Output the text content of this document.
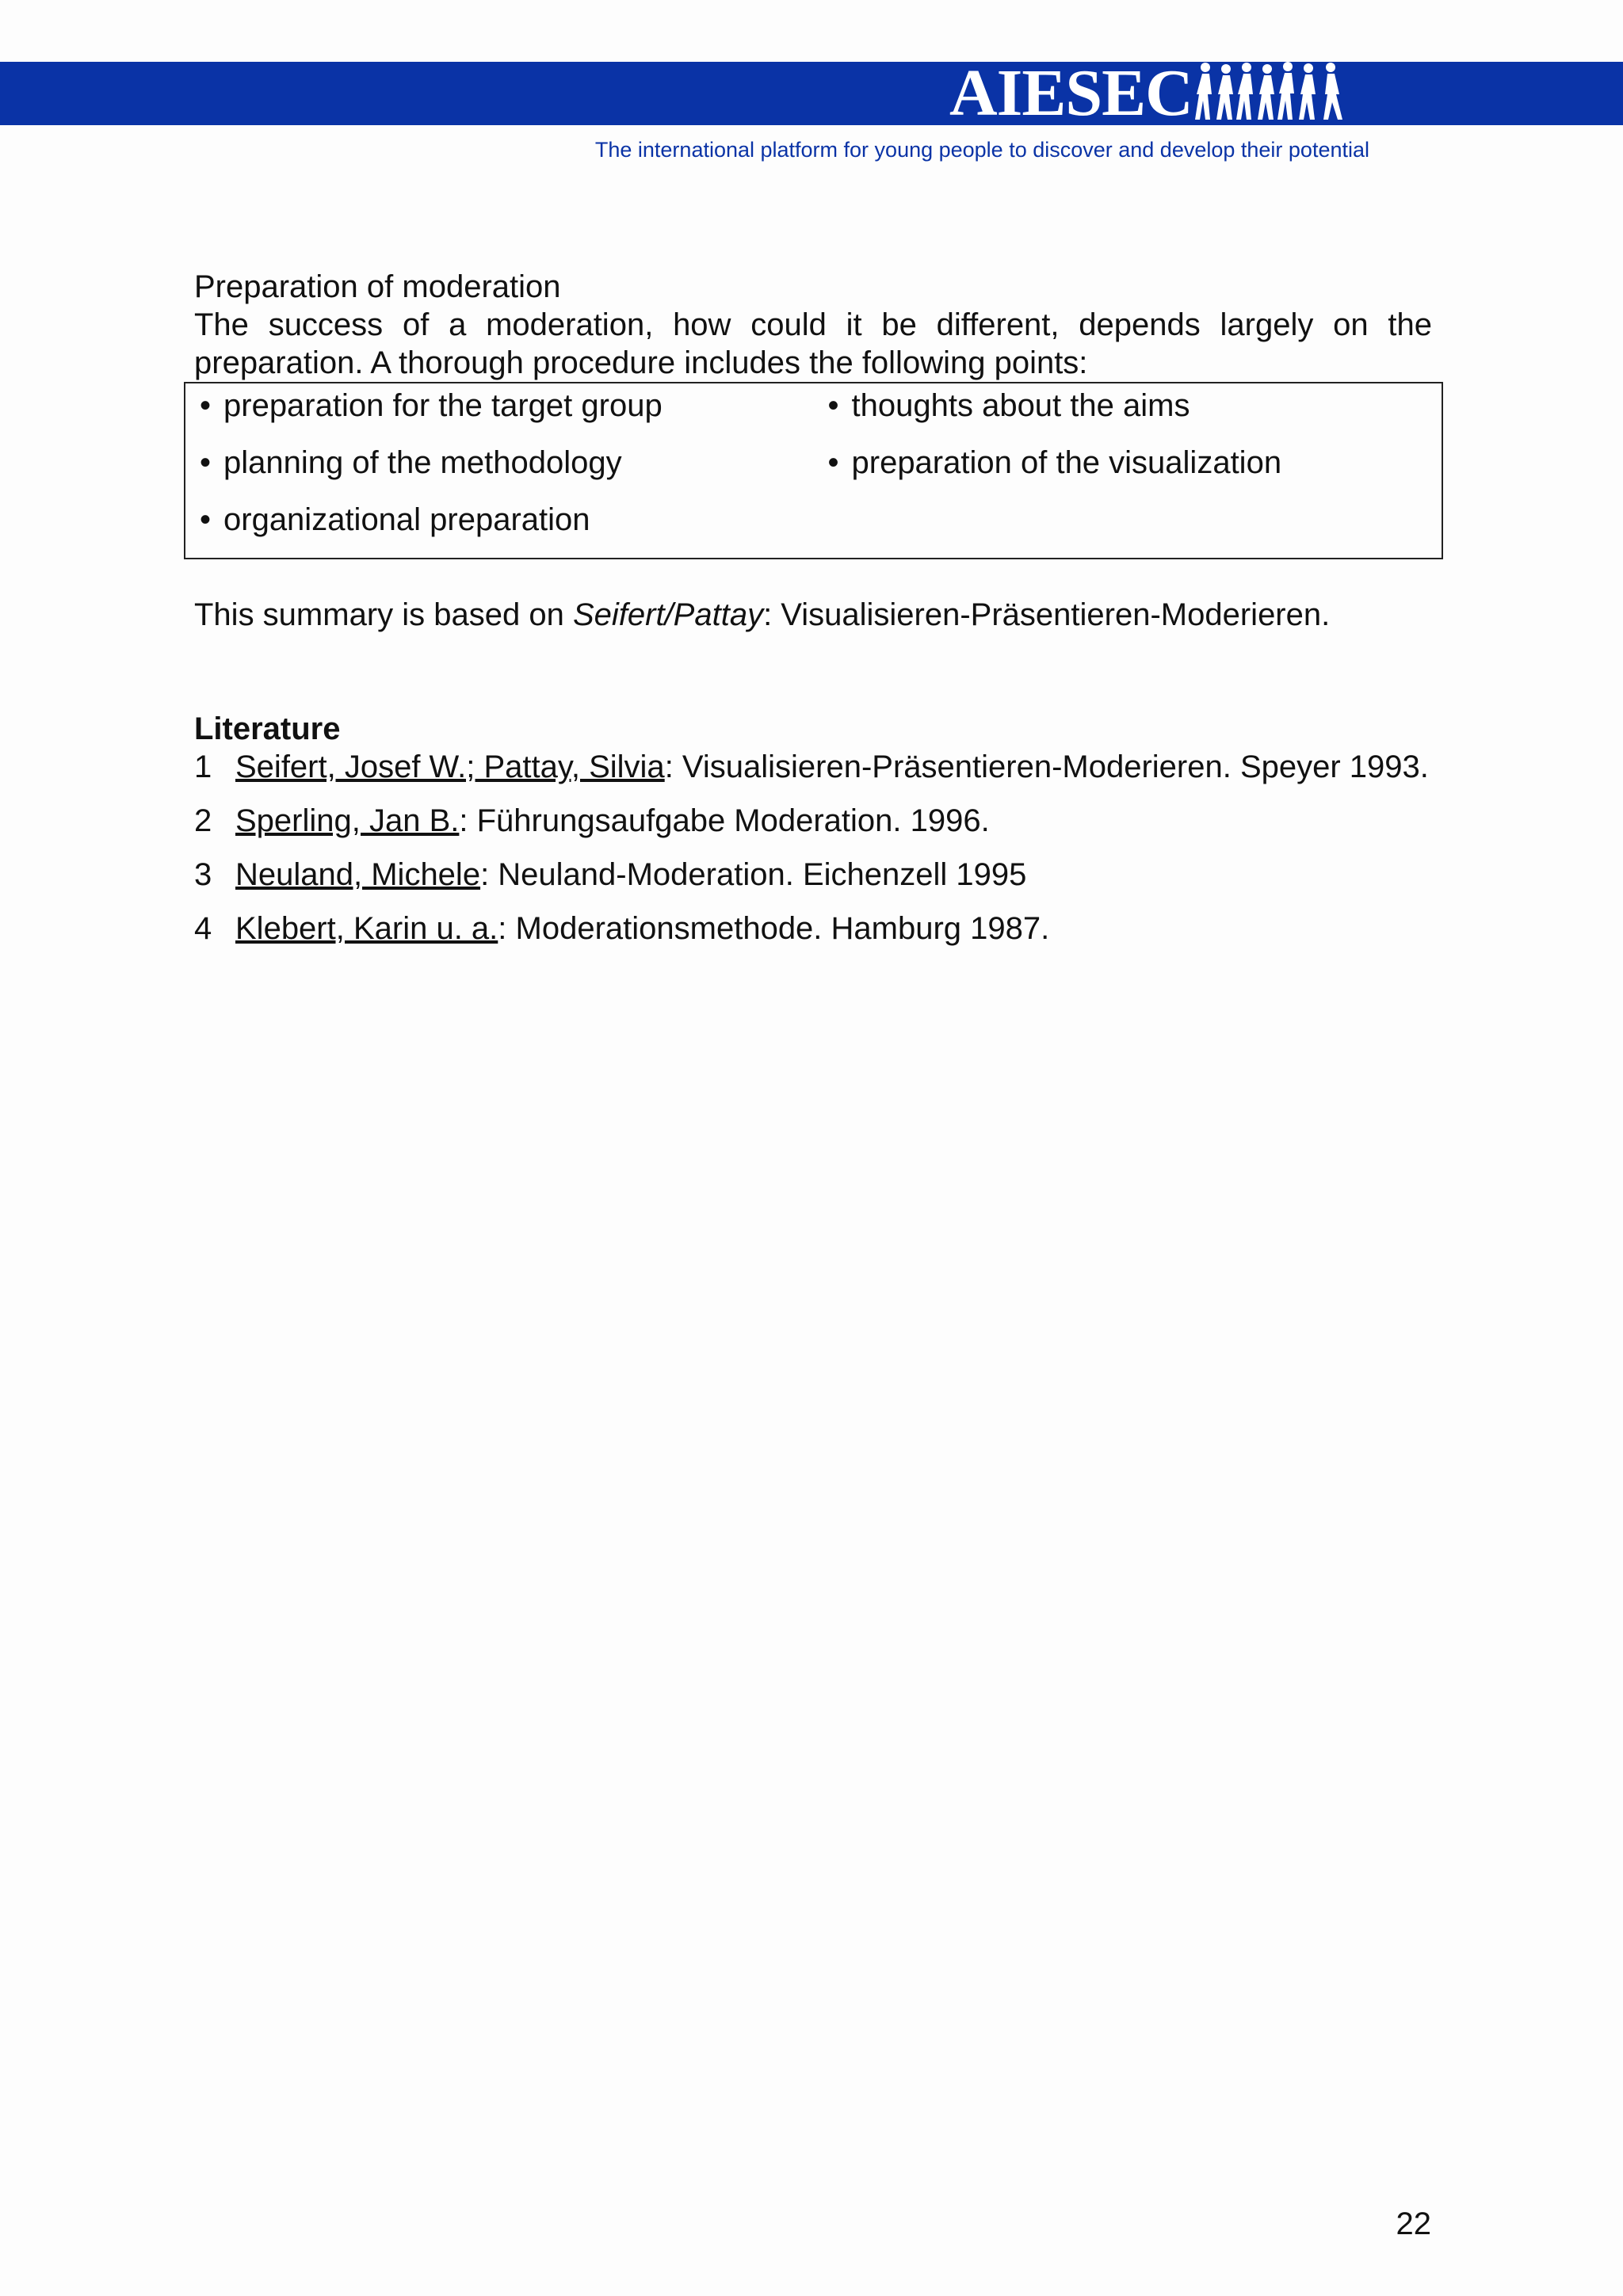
AIESEC
The international platform for young people to discover and develop their potential

Preparation of moderation

The success of a moderation, how could it be different, depends largely on the preparation. A thorough procedure includes the following points:

• preparation for the target group	• thoughts about the aims
• planning of the methodology	• preparation of the visualization
• organizational preparation

This summary is based on Seifert/Pattay: Visualisieren-Präsentieren-Moderieren.

Literature

1 Seifert, Josef W.; Pattay, Silvia: Visualisieren-Präsentieren-Moderieren. Speyer 1993.
2 Sperling, Jan B.: Führungsaufgabe Moderation. 1996.
3 Neuland, Michele: Neuland-Moderation. Eichenzell 1995
4 Klebert, Karin u. a.: Moderationsmethode. Hamburg 1987.
22
